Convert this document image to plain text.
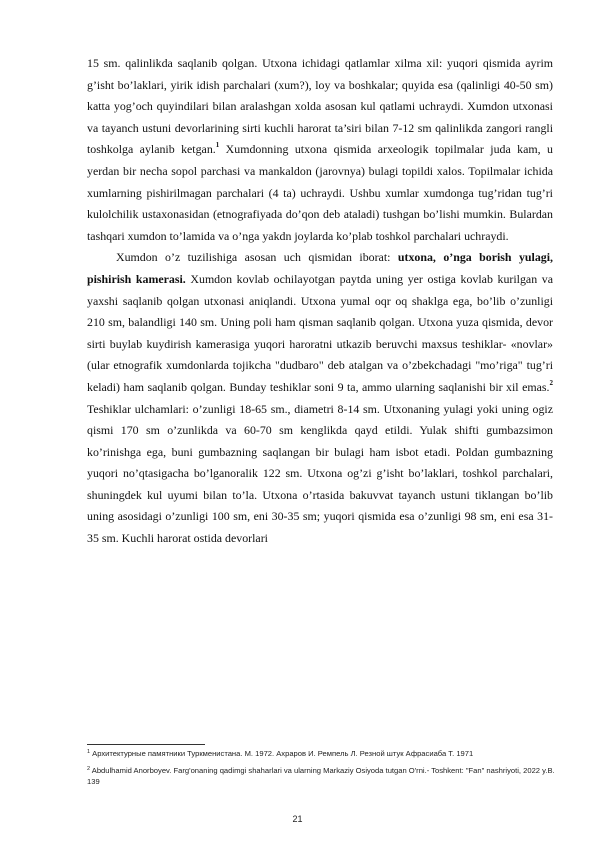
15 sm. qalinlikda saqlanib qolgan. Utxona ichidagi qatlamlar xilma xil: yuqori qismida ayrim g’isht bo’laklari, yirik idish parchalari (xum?), loy va boshkalar; quyida esa (qalinligi 40-50 sm) katta yog’och quyindilari bilan aralashgan xolda asosan kul qatlami uchraydi. Xumdon utxonasi va tayanch ustuni devorlarining sirti kuchli harorat ta’siri bilan 7-12 sm qalinlikda zangori rangli toshkolga aylanib ketgan.$^1$ Xumdonning utxona qismida arxeologik topilmalar juda kam, u yerdan bir necha sopol parchasi va mankaldon (jarovnya) bulagi topildi xalos. Topilmalar ichida xumlarning pishirilmagan parchalari (4 ta) uchraydi. Ushbu xumlar xumdonga tug’ridan tug’ri kulolchilik ustaxonasidan (etnografiyada do’qon deb ataladi) tushgan bo’lishi mumkin. Bulardan tashqari xumdon to’lamida va o’nga yakdn joylarda ko’plab toshkol parchalari uchraydi.

Xumdon o’z tuzilishiga asosan uch qismidan iborat: utxona, o’nga borish yulagi, pishirish kamerasi. Xumdon kovlab ochilayotgan paytda uning yer ostiga kovlab kurilgan va yaxshi saqlanib qolgan utxonasi aniqlandi. Utxona yumal oqr oq shaklga ega, bo’lib o’zunligi 210 sm, balandligi 140 sm. Uning poli ham qisman saqlanib qolgan. Utxona yuza qismida, devor sirti buylab kuydirish kamerasiga yuqori haroratni utkazib beruvchi maxsus teshiklar- «novlar» (ular etnografik xumdonlarda tojikcha "dudbaro" deb atalgan va o’zbekchadagi "mo’riga" tug’ri keladi) ham saqlanib qolgan. Bunday teshiklar soni 9 ta, ammo ularning saqlanishi bir xil emas.$^2$ Teshiklar ulchamlari: o’zunligi 18-65 sm., diametri 8-14 sm. Utxonaning yulagi yoki uning ogiz qismi 170 sm o’zunlikda va 60-70 sm kenglikda qayd etildi. Yulak shifti gumbazsimon ko’rinishga ega, buni gumbazning saqlangan bir bulagi ham isbot etadi. Poldan gumbazning yuqori no’qtasigacha bo’lganoralik 122 sm. Utxona og’zi g’isht bo’laklari, toshkol parchalari, shuningdek kul uyumi bilan to’la. Utxona o’rtasida bakuvvat tayanch ustuni tiklangan bo’lib uning asosidagi o’zunligi 100 sm, eni 30-35 sm; yuqori qismida esa o’zunligi 98 sm, eni esa 31-35 sm. Kuchli harorat ostida devorlari

$^1$ Архитектурные памятники Туркменистана. М. 1972. Ахраров И. Ремпель Л. Резной штук Афрасиаба Т. 1971

$^2$ Abdulhamid Anorboyev. Farg'onaning qadimgi shaharlari va ularning Markaziy Osiyoda tutgan O'rni.- Toshkent: "Fan" nashriyoti, 2022 y.B. 139

21
